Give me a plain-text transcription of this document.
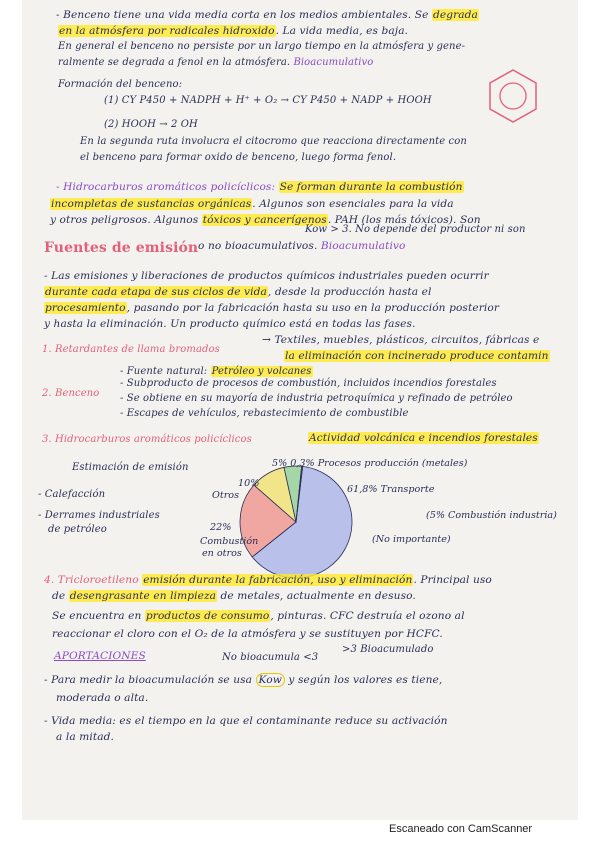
- Benceno tiene una vida media corta en los medios ambientales. Se degrada
en la atmósfera por radicales hidroxido. La vida media, es baja.
En general el benceno no persiste por un largo tiempo en la atmósfera y gene-
ralmente se degrada a fenol en la atmósfera. Bioacumulativo
Formación del benceno:
(1) CY P450 + NADPH + H⁺ + O₂ → CY P450 + NADP + HOOH
(2) HOOH → 2 OH
En la segunda ruta involucra el citocromo que reacciona directamente con
el benceno para formar oxido de benceno, luego forma fenol.
- Hidrocarburos aromáticos policíclicos: Se forman durante la combustión
incompletas de sustancias orgánicas. Algunos son esenciales para la vida
y otros peligrosos. Algunos tóxicos y cancerígenos. PAH (los más tóxicos). Son
Kow > 3. No depende del productor ni son
Fuentes de emisión o no bioacumulativos. Bioacumulativo
- Las emisiones y liberaciones de productos químicos industriales pueden ocurrir
durante cada etapa de sus ciclos de vida, desde la producción hasta el
procesamiento, pasando por la fabricación hasta su uso en la producción posterior
y hasta la eliminación. Un producto químico está en todas las fases.
1. Retardantes de llama bromados
→ Textiles, muebles, plásticos, circuitos, fábricas e
la eliminación con incinerado produce contamin
2. Benceno
- Fuente natural: Petróleo y volcanes
- Subproducto de procesos de combustión, incluidos incendios forestales
- Se obtiene en su mayoría de industria petroquímica y refinado de petróleo
- Escapes de vehículos, rebastecimiento de combustible
3. Hidrocarburos aromáticos policíclicos	Actividad volcánica e incendios forestales
Estimación de emisión
- Calefacción
- Derrames industriales
de petróleo
5% 0,3% Procesos producción (metales)
61,8% Transporte
10%
Otros
22%
Combustión
en otros
(5% Combustión industria)
(No importante)
4. Tricloroetileno emisión durante la fabricación, uso y eliminación. Principal uso
de desengrasante en limpieza de metales, actualmente en desuso.
Se encuentra en productos de consumo, pinturas. CFC destruía el ozono al
reaccionar el cloro con el O₂ de la atmósfera y se sustituyen por HCFC.
APORTACIONES	No bioacumula <3
>3 Bioacumulado
- Para medir la bioacumulación se usa Kow y según los valores es tiene,
moderada o alta.
- Vida media: es el tiempo en la que el contaminante reduce su activación
a la mitad.
Escaneado con CamScanner
